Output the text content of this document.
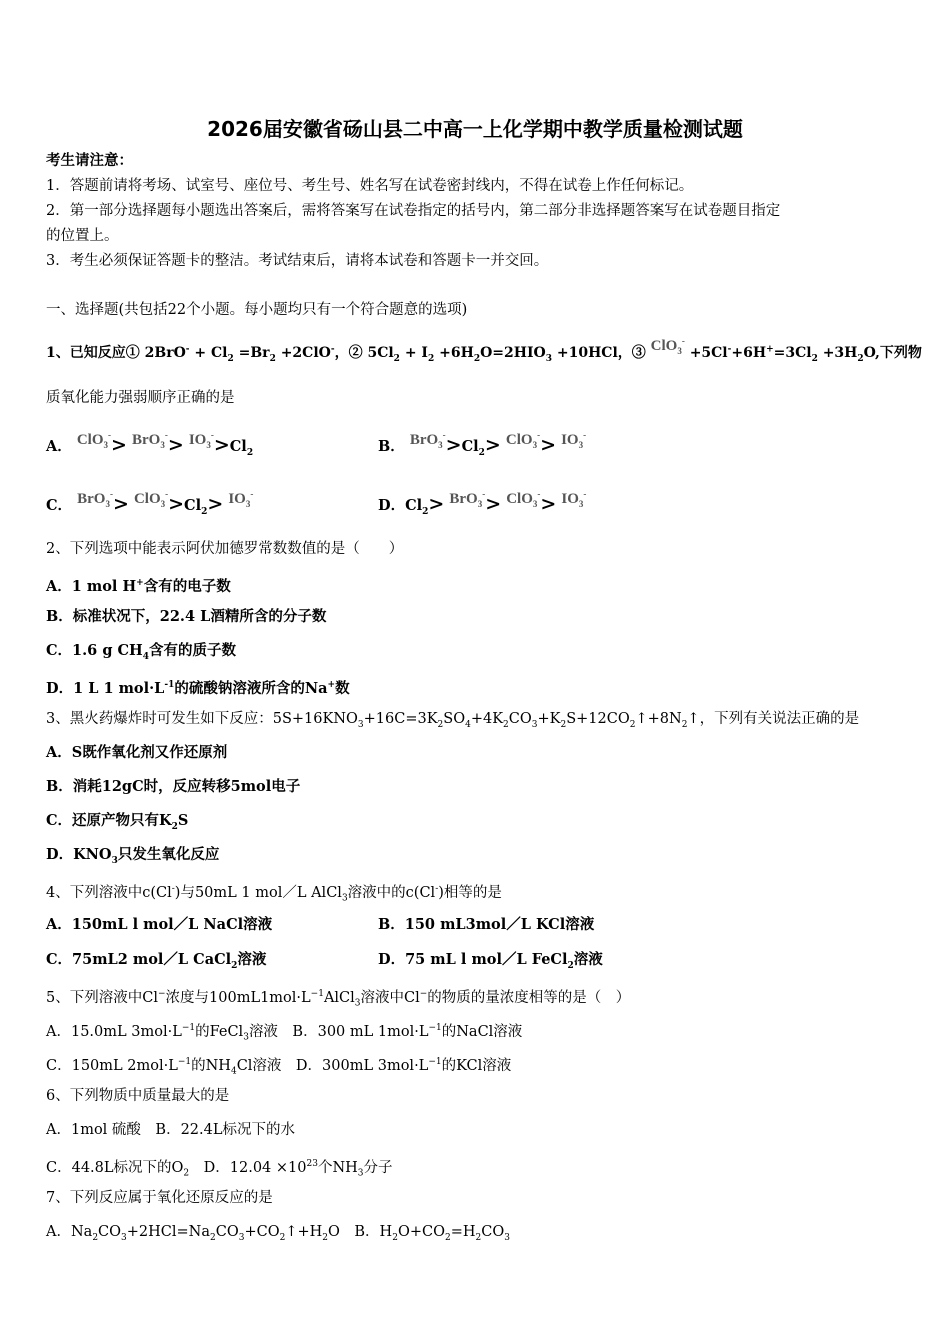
2026届安徽省砀山县二中高一上化学期中教学质量检测试题
考生请注意：
1．答题前请将考场、试室号、座位号、考生号、姓名写在试卷密封线内，不得在试卷上作任何标记。
2．第一部分选择题每小题选出答案后，需将答案写在试卷指定的括号内，第二部分非选择题答案写在试卷题目指定
的位置上。
3．考生必须保证答题卡的整洁。考试结束后，请将本试卷和答题卡一并交回。
一、选择题(共包括22个小题。每小题均只有一个符合题意的选项)
1、已知反应① $2BrO^- + Cl_2 =Br_2 +2ClO^-$，② $5Cl_2 + I_2 +6H_2O=2HIO_3 +10HCl$，③ $ClO_3^- +5Cl^-+6H^+=3Cl_2 +3H_2O$,下列物
质氧化能力强弱顺序正确的是
A． $ClO_3^-> BrO_3^-> IO_3^->Cl_2$	B． $BrO_3^->Cl_2> ClO_3^-> IO_3^-$
C． $BrO_3^-> ClO_3^->Cl_2> IO_3^-$
D．$Cl_2> BrO_3^-> ClO_3^-> IO_3^-$
2、下列选项中能表示阿伏加德罗常数数值的是（　　）
A．1 mol H+含有的电子数
B．标准状况下，22.4 L酒精所含的分子数
C．1.6 g $CH_4$含有的质子数
D．1 L 1 $mol\cdot L^{-1}$的硫酸钠溶液所含的Na+数
3、黑火药爆炸时可发生如下反应：$5S+16KNO_3+16C=3K_2SO_4+4K_2CO_3+K_2S+12CO_2↑+8N_2↑$，下列有关说法正确的是
A．S既作氧化剂又作还原剂
B．消耗12gC时，反应转移5mol电子
C．还原产物只有$K_2S$
D．$KNO_3$只发生氧化反应
4、下列溶液中c(Cl-)与50mL 1 mol／L AlCl$_3$溶液中的c(Cl-)相等的是
A．150mL l mol／L NaCl溶液	B．150 mL3mol／L KCl溶液
C．75mL2 mol／L CaCl$_2$溶液	D．75 mL l mol／L FeCl$_2$溶液
5、下列溶液中Cl−浓度与$100mL1mol\cdot L^{-1}AlCl_3$溶液中Cl−的物质的量浓度相等的是（　）
A．15.0mL $3mol\cdot L^{-1}$的FeCl$_3$溶液　B．300 mL $1mol\cdot L^{-1}$的NaCl溶液
C．150mL $2mol\cdot L^{-1}$的$NH_4Cl$溶液　D．300mL $3mol\cdot L^{-1}$的KCl溶液
6、下列物质中质量最大的是
A．1mol 硫酸　B．22.4L标况下的水
C．44.8L标况下的$O_2$　D．$12.04 \times 10^{23}$个$NH_3$分子
7、下列反应属于氧化还原反应的是
A．$Na_2CO_3+2HCl=Na_2CO_3+CO_2↑+H_2O$　B．$H_2O+CO_2=H_2CO_3$
